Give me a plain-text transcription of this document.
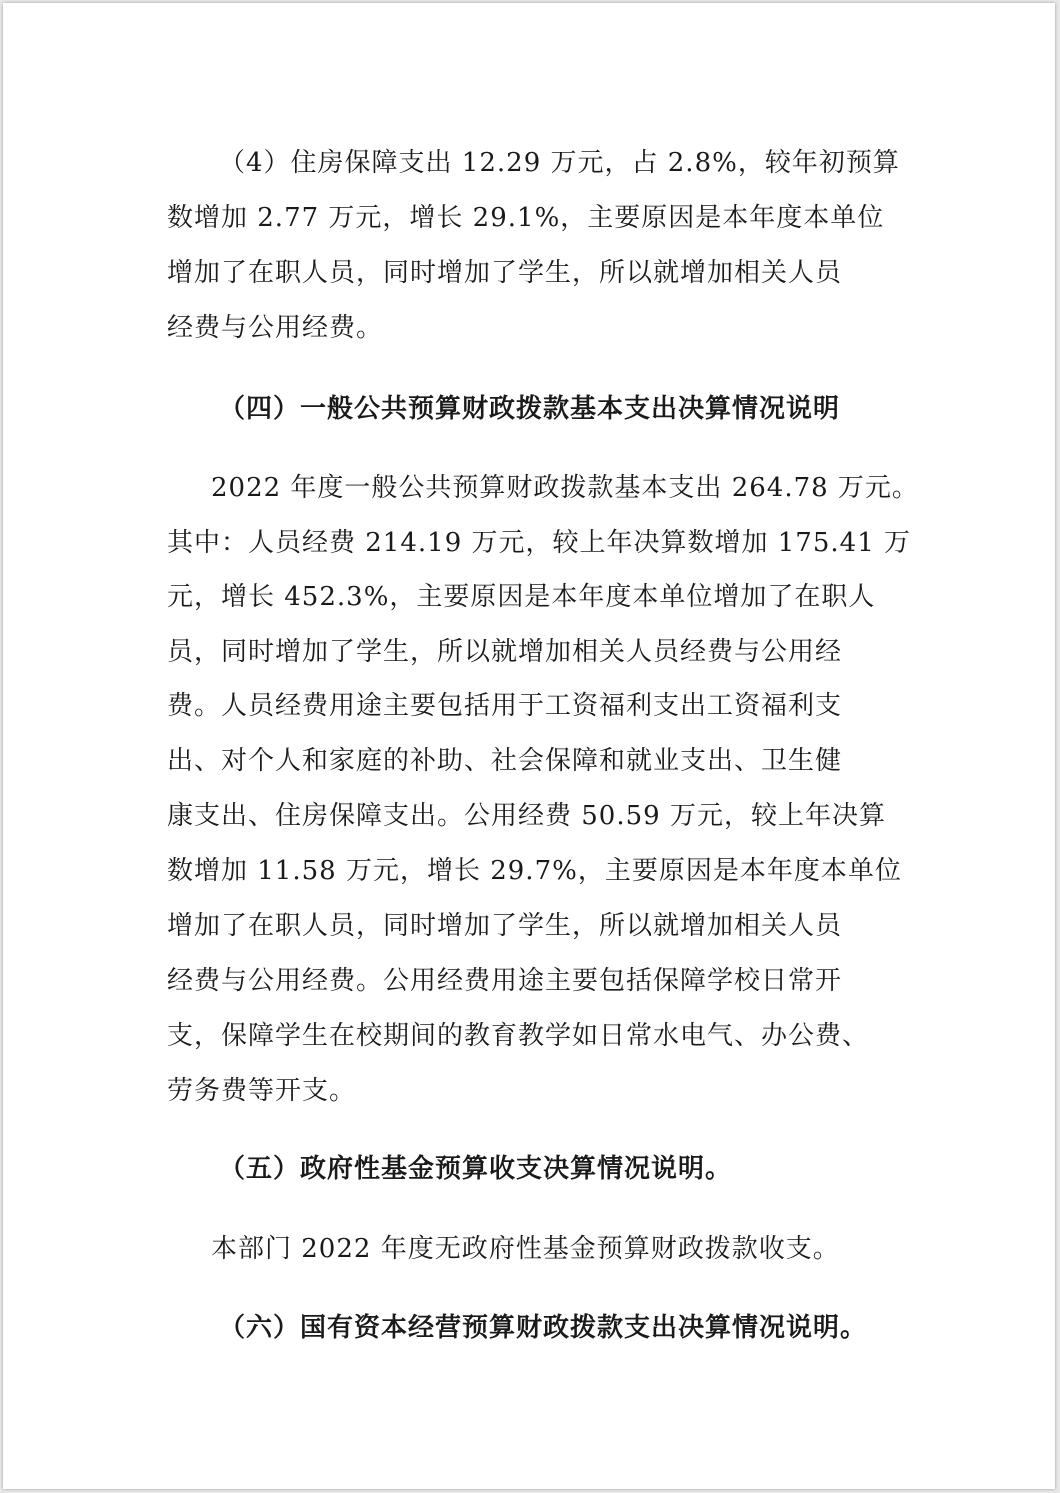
（4）住房保障支出 12.29 万元，占 2.8%，较年初预算
数增加 2.77 万元，增长 29.1%，主要原因是本年度本单位
增加了在职人员，同时增加了学生，所以就增加相关人员
经费与公用经费。
（四）一般公共预算财政拨款基本支出决算情况说明
2022 年度一般公共预算财政拨款基本支出 264.78 万元。
其中：人员经费 214.19 万元，较上年决算数增加 175.41 万
元，增长 452.3%，主要原因是本年度本单位增加了在职人
员，同时增加了学生，所以就增加相关人员经费与公用经
费。人员经费用途主要包括用于工资福利支出工资福利支
出、对个人和家庭的补助、社会保障和就业支出、卫生健
康支出、住房保障支出。公用经费 50.59 万元，较上年决算
数增加 11.58 万元，增长 29.7%，主要原因是本年度本单位
增加了在职人员，同时增加了学生，所以就增加相关人员
经费与公用经费。公用经费用途主要包括保障学校日常开
支，保障学生在校期间的教育教学如日常水电气、办公费、
劳务费等开支。
（五）政府性基金预算收支决算情况说明。
本部门 2022 年度无政府性基金预算财政拨款收支。
（六）国有资本经营预算财政拨款支出决算情况说明。
